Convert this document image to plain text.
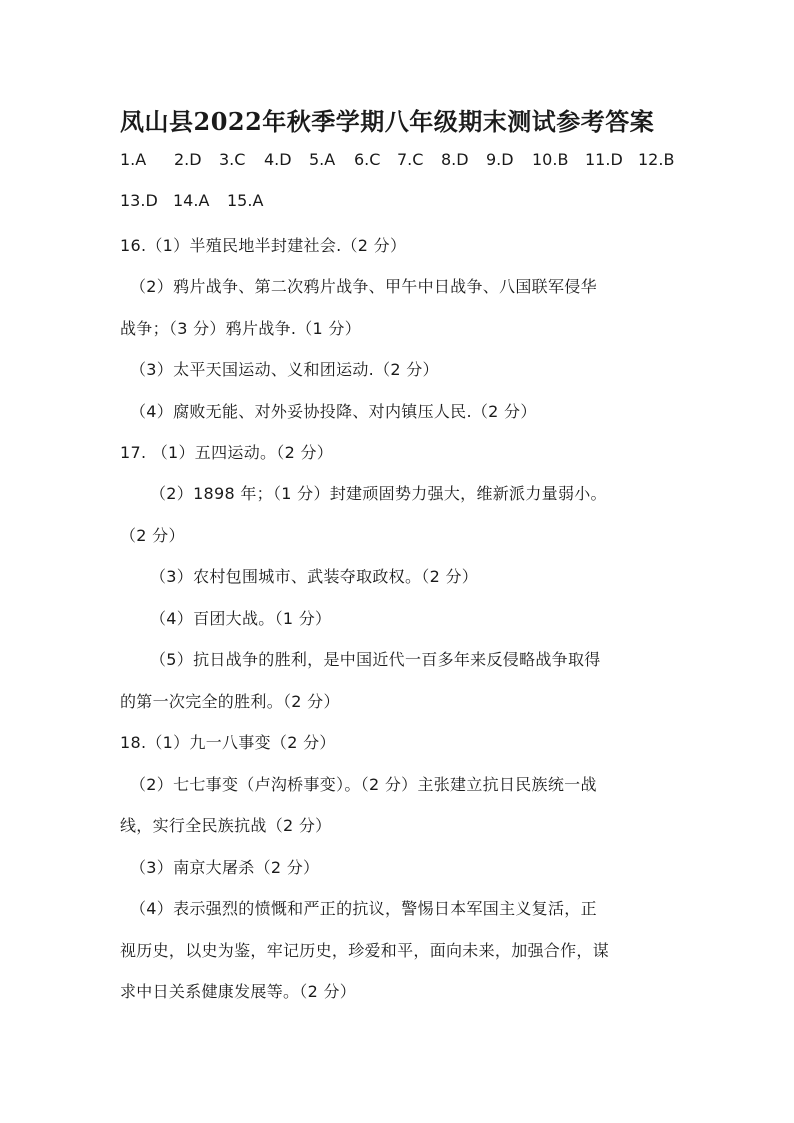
凤山县2022年秋季学期八年级期末测试参考答案
1.A 2.D 3.C 4.D 5.A 6.C 7.C 8.D 9.D 10.B 11.D 12.B
13.D 14.A 15.A
16.（1）半殖民地半封建社会.（2 分）
（2）鸦片战争、第二次鸦片战争、甲午中日战争、八国联军侵华
战争；（3 分）鸦片战争.（1 分）
（3）太平天国运动、义和团运动.（2 分）
（4）腐败无能、对外妥协投降、对内镇压人民.（2 分）
17. （1）五四运动。（2 分）
（2）1898 年；（1 分）封建顽固势力强大，维新派力量弱小。
（2 分）
（3）农村包围城市、武装夺取政权。（2 分）
（4）百团大战。（1 分）
（5）抗日战争的胜利，是中国近代一百多年来反侵略战争取得
的第一次完全的胜利。（2 分）
18.（1）九一八事变（2 分）
（2）七七事变（卢沟桥事变）。（2 分）主张建立抗日民族统一战
线，实行全民族抗战（2 分）
（3）南京大屠杀（2 分）
（4）表示强烈的愤慨和严正的抗议，警惕日本军国主义复活，正
视历史，以史为鉴，牢记历史，珍爱和平，面向未来，加强合作，谋
求中日关系健康发展等。（2 分）
